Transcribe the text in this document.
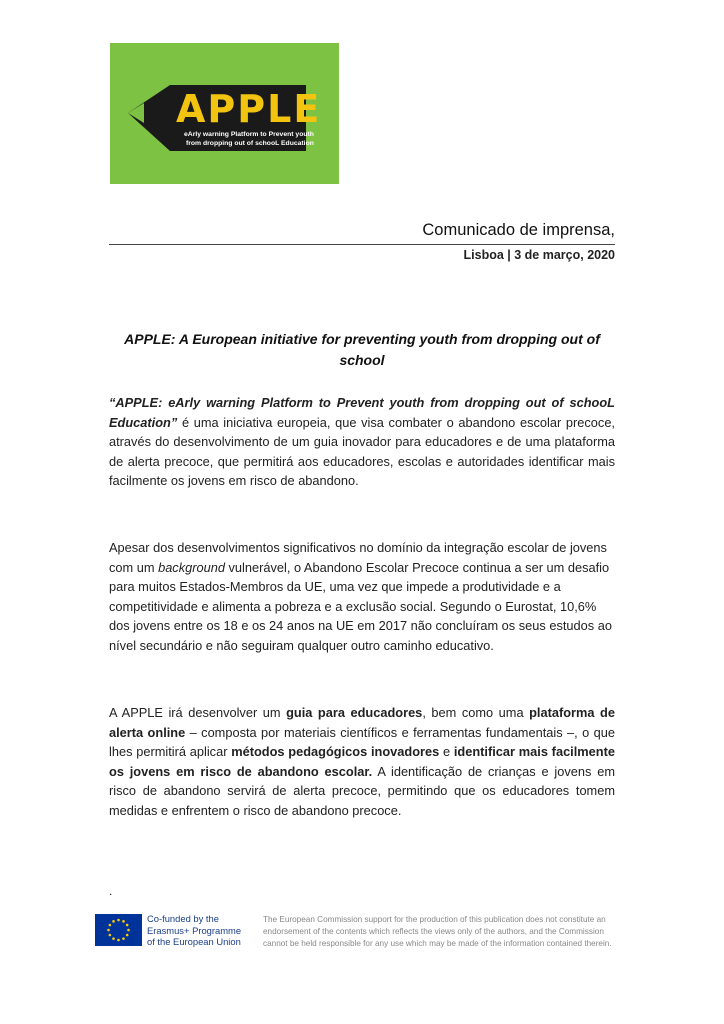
APPLE
eArly warning Platform to Prevent youth
from dropping out of schooL Education
Comunicado de imprensa,
Lisboa | 3 de março, 2020
APPLE: A European initiative for preventing youth from dropping out of school
“APPLE: eArly warning Platform to Prevent youth from dropping out of schooL Education” é uma iniciativa europeia, que visa combater o abandono escolar precoce, através do desenvolvimento de um guia inovador para educadores e de uma plataforma de alerta precoce, que permitirá aos educadores, escolas e autoridades identificar mais facilmente os jovens em risco de abandono.
Apesar dos desenvolvimentos significativos no domínio da integração escolar de jovens com um background vulnerável, o Abandono Escolar Precoce continua a ser um desafio para muitos Estados-Membros da UE, uma vez que impede a produtividade e a competitividade e alimenta a pobreza e a exclusão social. Segundo o Eurostat, 10,6% dos jovens entre os 18 e os 24 anos na UE em 2017 não concluíram os seus estudos ao nível secundário e não seguiram qualquer outro caminho educativo.
A APPLE irá desenvolver um guia para educadores, bem como uma plataforma de alerta online – composta por materiais científicos e ferramentas fundamentais –, o que lhes permitirá aplicar métodos pedagógicos inovadores e identificar mais facilmente os jovens em risco de abandono escolar. A identificação de crianças e jovens em risco de abandono servirá de alerta precoce, permitindo que os educadores tomem medidas e enfrentem o risco de abandono precoce.
.
Co-funded by the
Erasmus+ Programme
of the European Union
The European Commission support for the production of this publication does not constitute an endorsement of the contents which reflects the views only of the authors, and the Commission cannot be held responsible for any use which may be made of the information contained therein.
